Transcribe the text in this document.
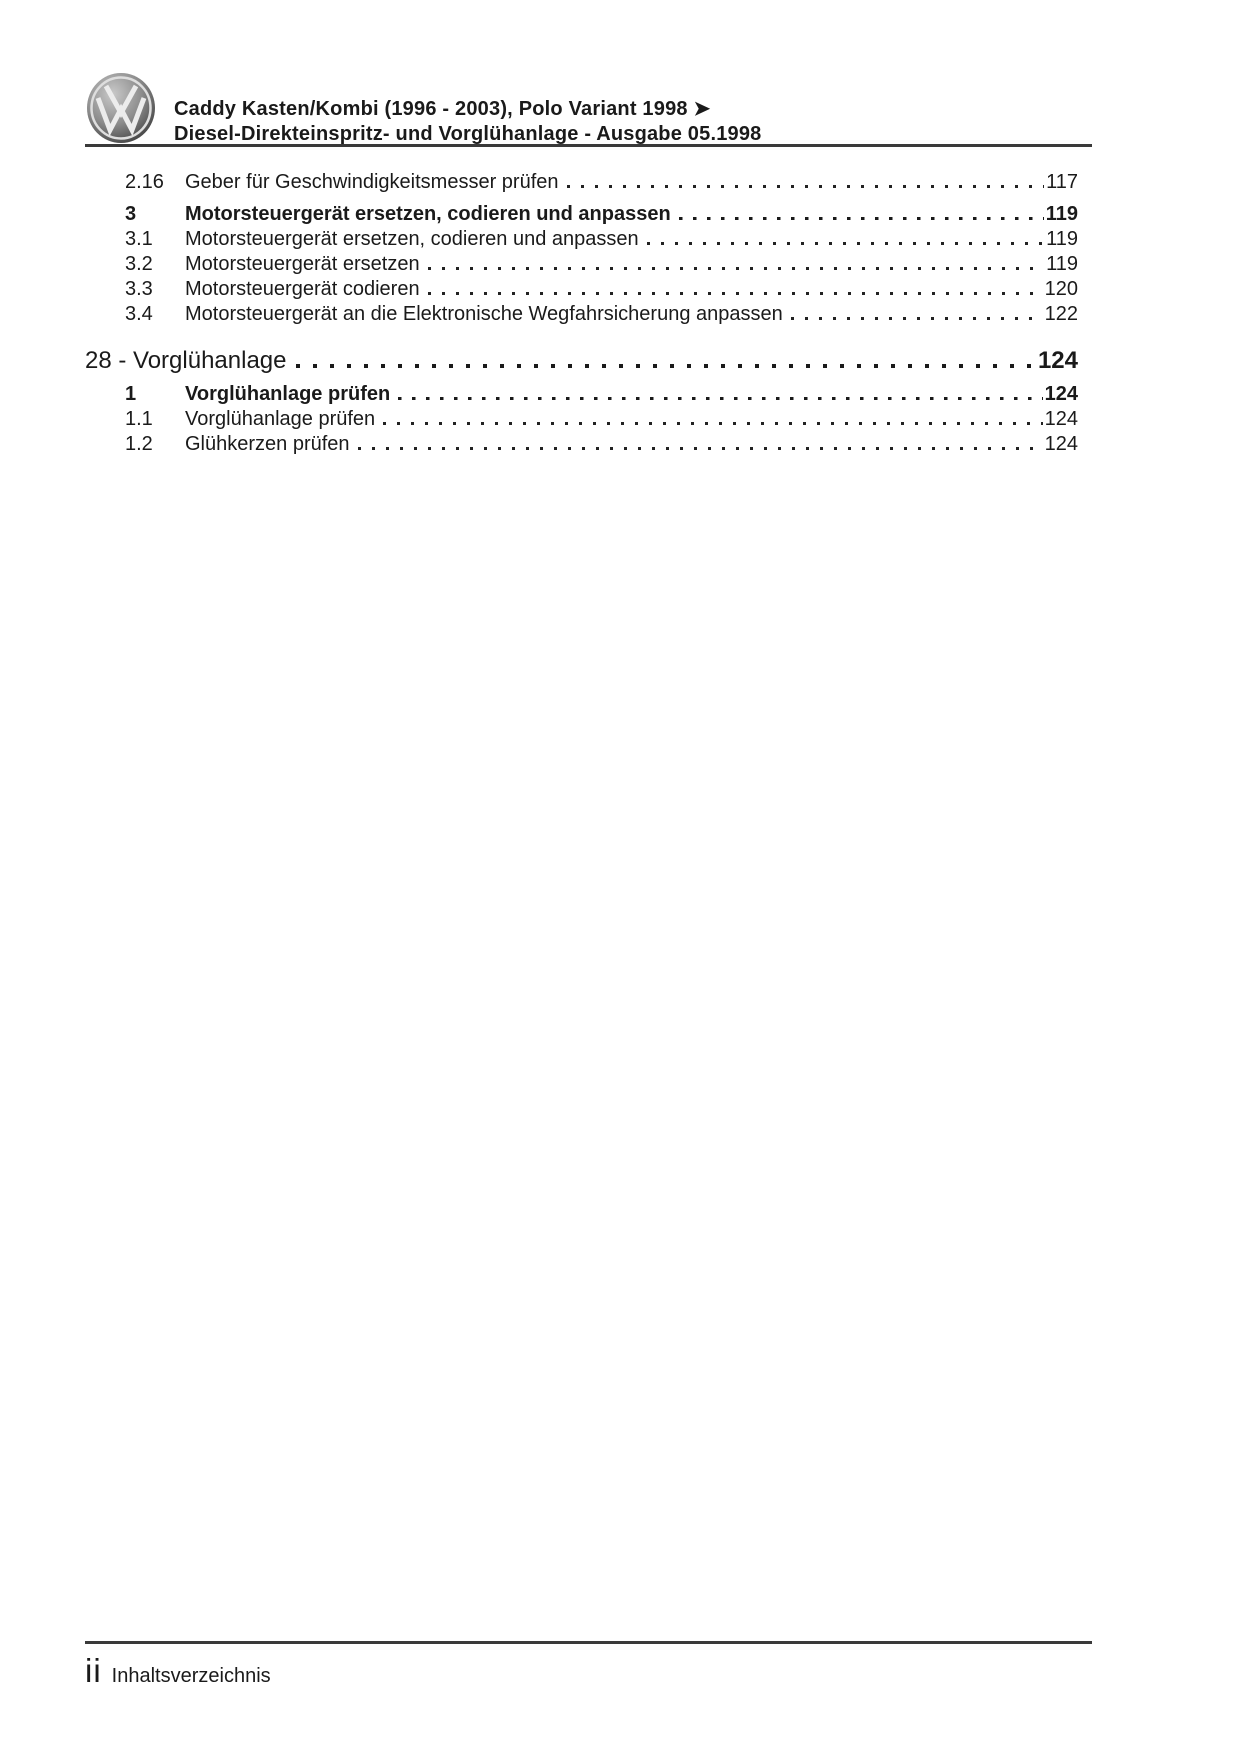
Caddy Kasten/Kombi (1996 - 2003), Polo Variant 1998 ➤
Diesel-Direkteinspritz- und Vorglühanlage - Ausgabe 05.1998
2.16	Geber für Geschwindigkeitsmesser prüfen	117
3	Motorsteuergerät ersetzen, codieren und anpassen	119
3.1	Motorsteuergerät ersetzen, codieren und anpassen	119
3.2	Motorsteuergerät ersetzen	119
3.3	Motorsteuergerät codieren	120
3.4	Motorsteuergerät an die Elektronische Wegfahrsicherung anpassen	122
28 - Vorglühanlage	124
1	Vorglühanlage prüfen	124
1.1	Vorglühanlage prüfen	124
1.2	Glühkerzen prüfen	124
ii Inhaltsverzeichnis
